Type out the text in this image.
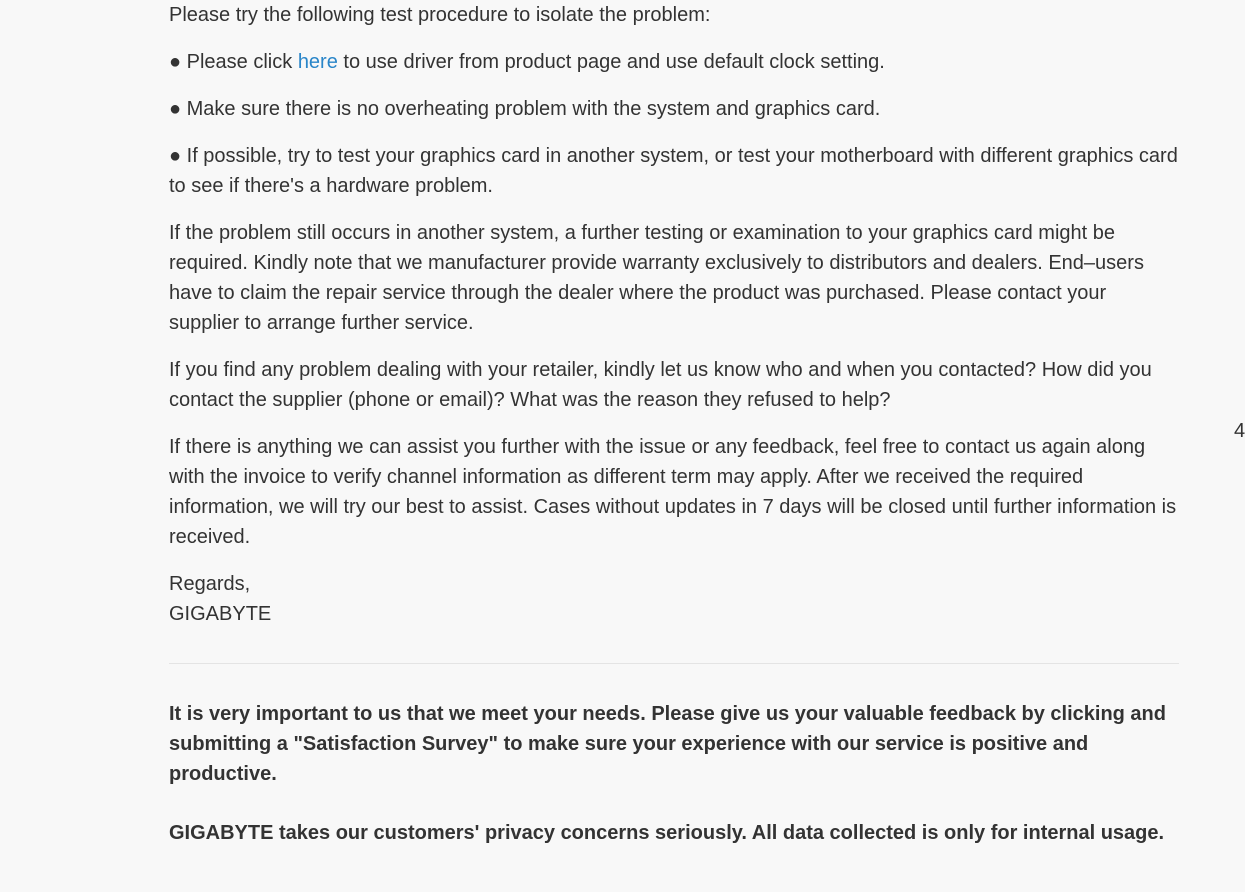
Please try the following test procedure to isolate the problem:

● Please click here to use driver from product page and use default clock setting.

● Make sure there is no overheating problem with the system and graphics card.

● If possible, try to test your graphics card in another system, or test your motherboard with different graphics card to see if there's a hardware problem.

If the problem still occurs in another system, a further testing or examination to your graphics card might be required. Kindly note that we manufacturer provide warranty exclusively to distributors and dealers. End–users have to claim the repair service through the dealer where the product was purchased. Please contact your supplier to arrange further service.

If you find any problem dealing with your retailer, kindly let us know who and when you contacted? How did you contact the supplier (phone or email)? What was the reason they refused to help?

If there is anything we can assist you further with the issue or any feedback, feel free to contact us again along with the invoice to verify channel information as different term may apply. After we received the required information, we will try our best to assist. Cases without updates in 7 days will be closed until further information is received.

Regards,
GIGABYTE

It is very important to us that we meet your needs. Please give us your valuable feedback by clicking and submitting a "Satisfaction Survey" to make sure your experience with our service is positive and productive.

GIGABYTE takes our customers' privacy concerns seriously. All data collected is only for internal usage.

4
